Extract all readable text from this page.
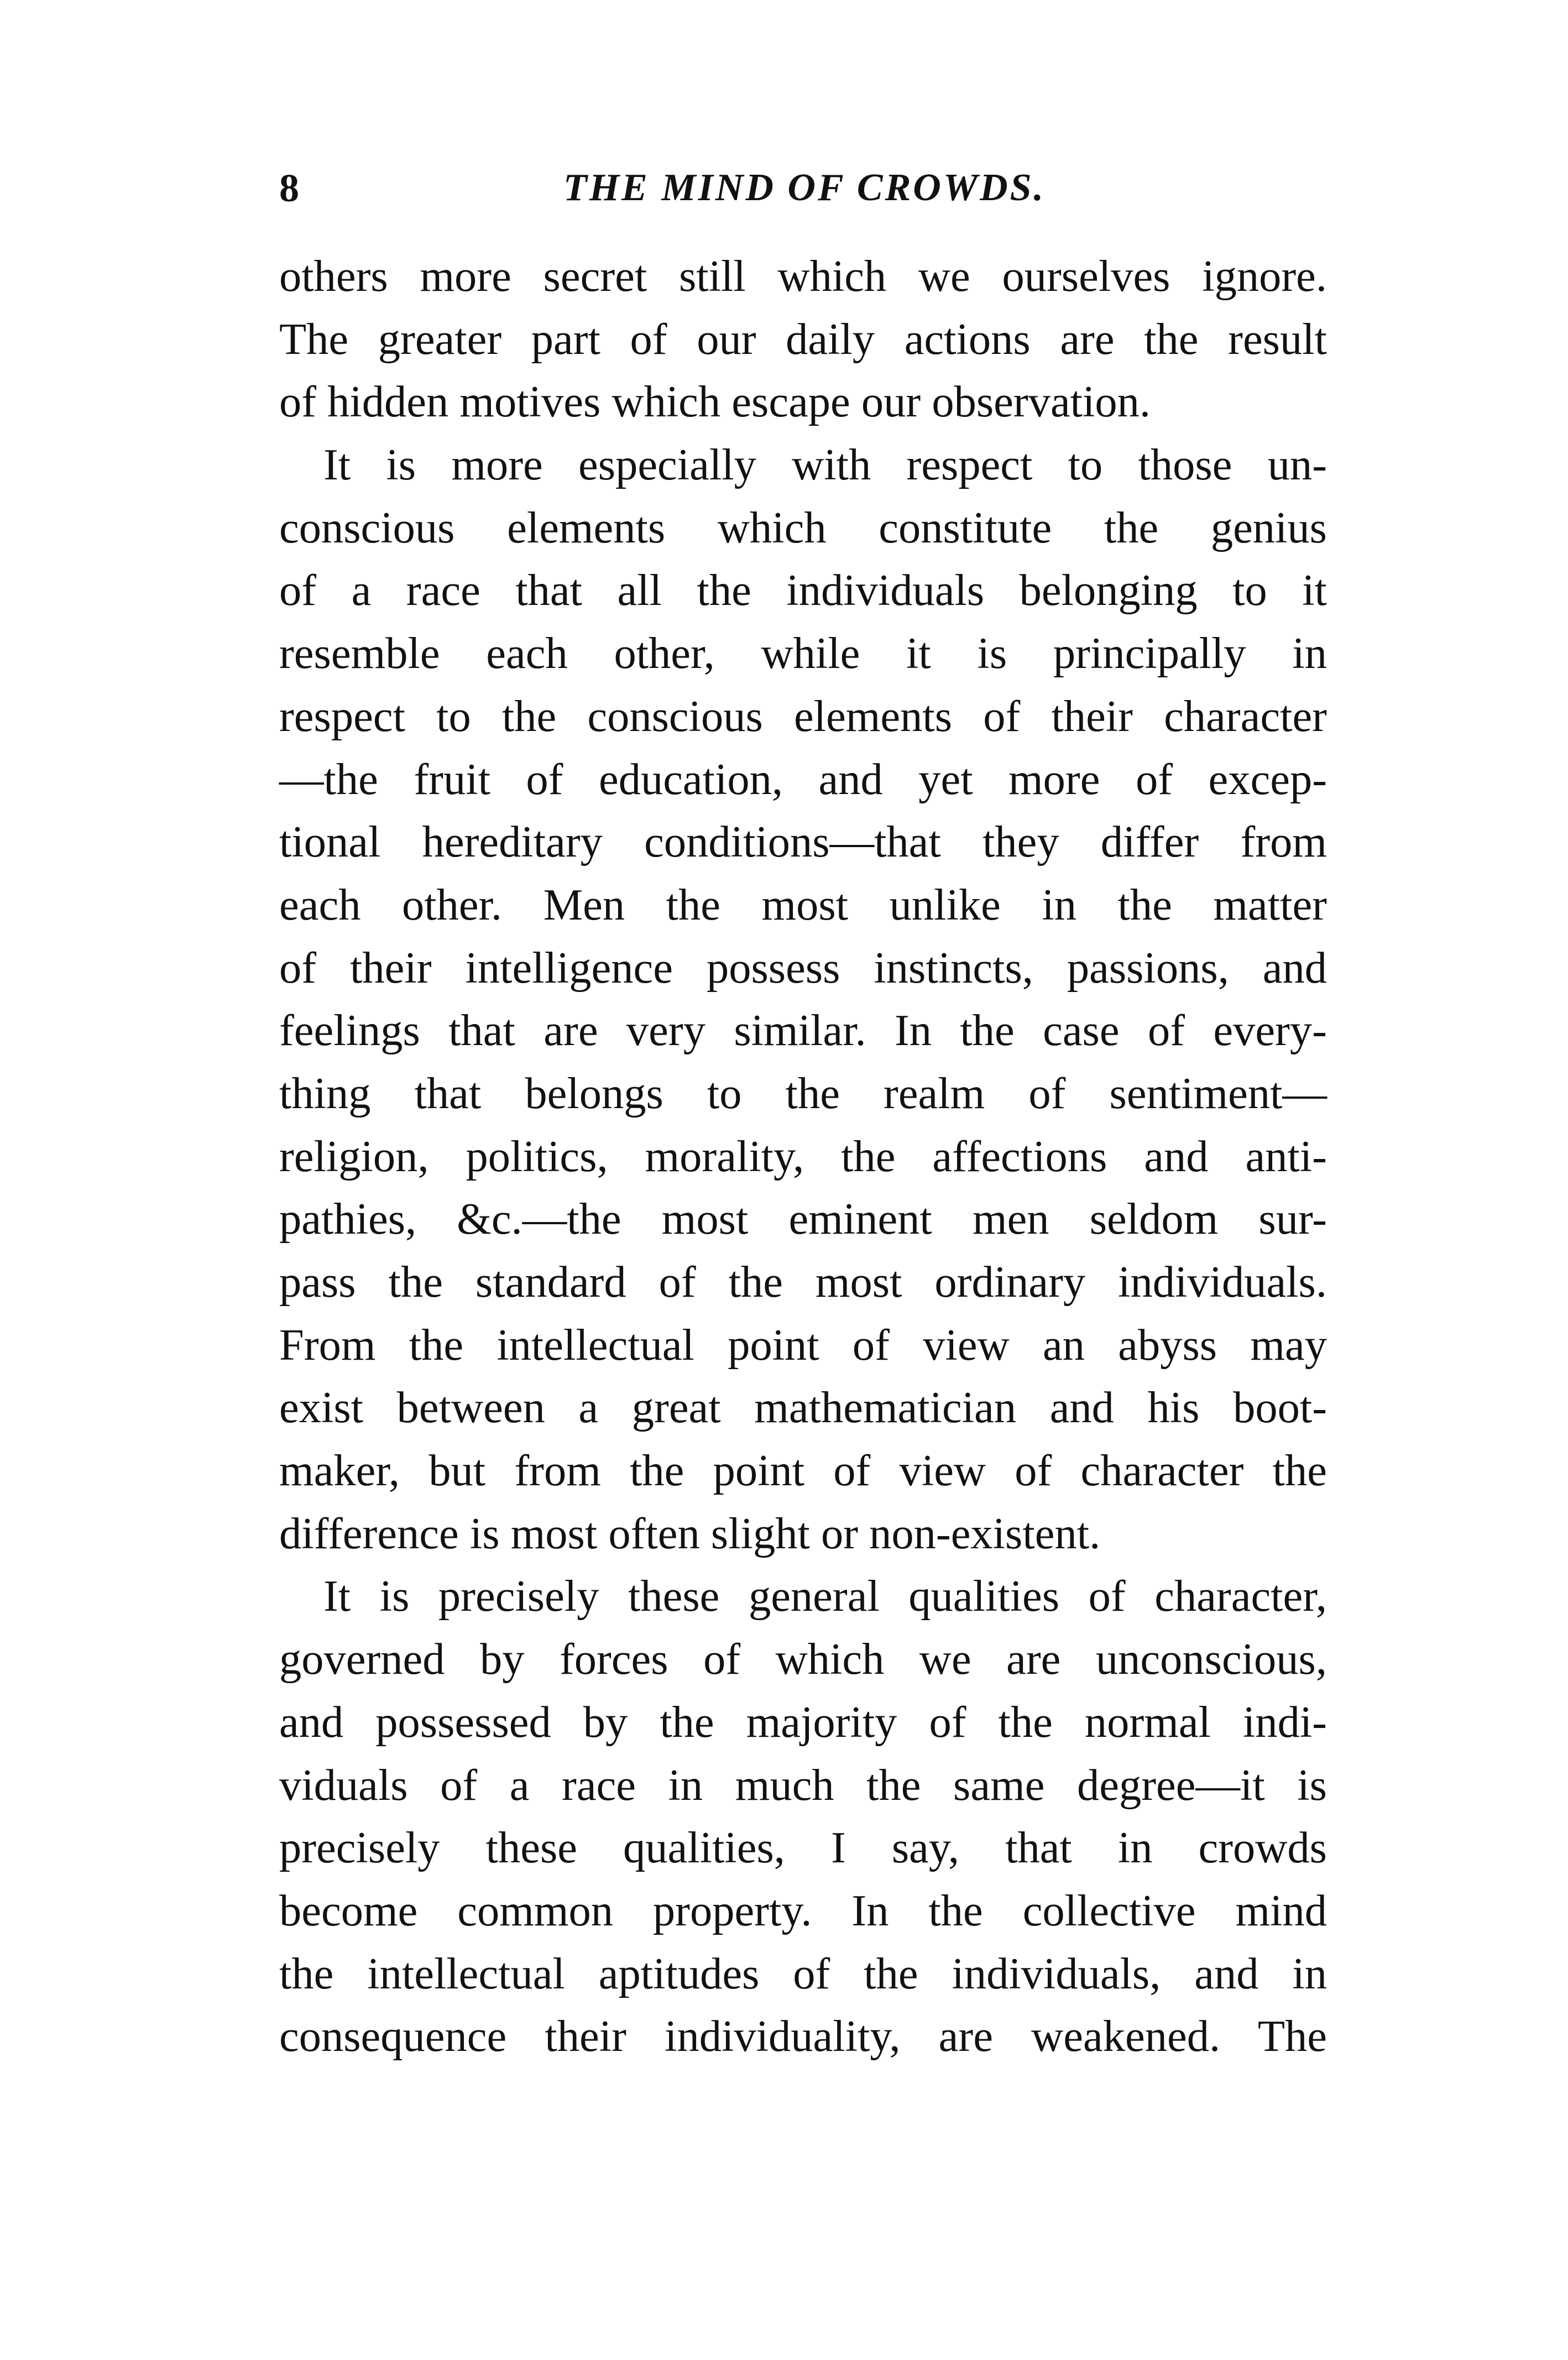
8	THE MIND OF CROWDS.
others more secret still which we ourselves ignore.
The greater part of our daily actions are the result
of hidden motives which escape our observation.
It is more especially with respect to those un-
conscious elements which constitute the genius
of a race that all the individuals belonging to it
resemble each other, while it is principally in
respect to the conscious elements of their character
—the fruit of education, and yet more of excep-
tional hereditary conditions—that they differ from
each other. Men the most unlike in the matter
of their intelligence possess instincts, passions, and
feelings that are very similar. In the case of every-
thing that belongs to the realm of sentiment—
religion, politics, morality, the affections and anti-
pathies, &c.—the most eminent men seldom sur-
pass the standard of the most ordinary individuals.
From the intellectual point of view an abyss may
exist between a great mathematician and his boot-
maker, but from the point of view of character the
difference is most often slight or non-existent.
It is precisely these general qualities of character,
governed by forces of which we are unconscious,
and possessed by the majority of the normal indi-
viduals of a race in much the same degree—it is
precisely these qualities, I say, that in crowds
become common property. In the collective mind
the intellectual aptitudes of the individuals, and in
consequence their individuality, are weakened. The
